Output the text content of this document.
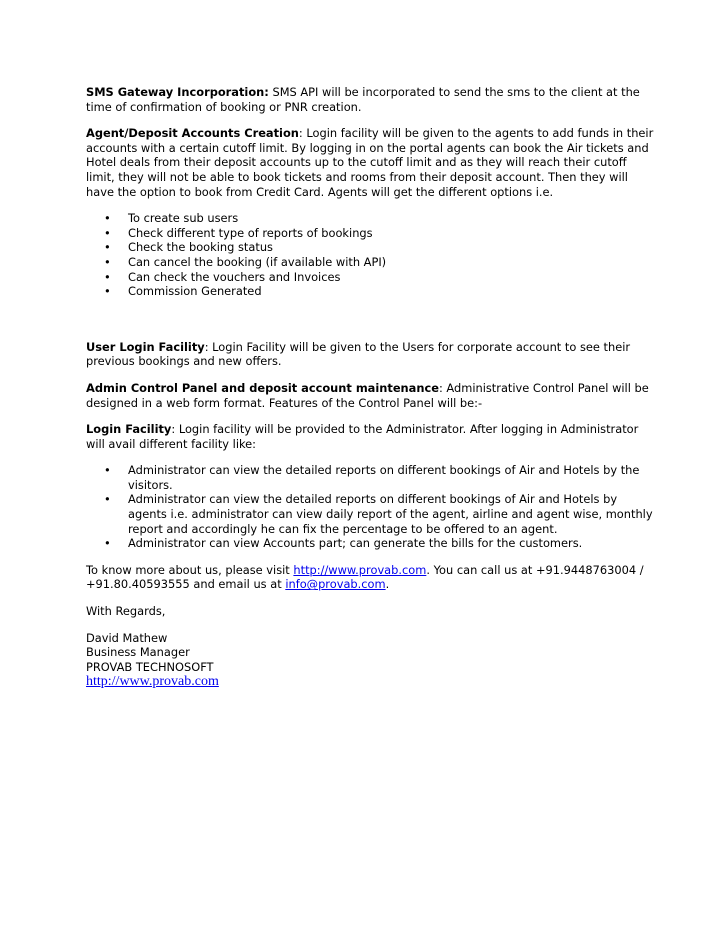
SMS Gateway Incorporation: SMS API will be incorporated to send the sms to the client at the time of confirmation of booking or PNR creation.

Agent/Deposit Accounts Creation: Login facility will be given to the agents to add funds in their accounts with a certain cutoff limit. By logging in on the portal agents can book the Air tickets and Hotel deals from their deposit accounts up to the cutoff limit and as they will reach their cutoff limit, they will not be able to book tickets and rooms from their deposit account. Then they will have the option to book from Credit Card. Agents will get the different options i.e.

• To create sub users
• Check different type of reports of bookings
• Check the booking status
• Can cancel the booking (if available with API)
• Can check the vouchers and Invoices
• Commission Generated

User Login Facility: Login Facility will be given to the Users for corporate account to see their previous bookings and new offers.

Admin Control Panel and deposit account maintenance: Administrative Control Panel will be designed in a web form format. Features of the Control Panel will be:-

Login Facility: Login facility will be provided to the Administrator. After logging in Administrator will avail different facility like:

• Administrator can view the detailed reports on different bookings of Air and Hotels by the visitors.
• Administrator can view the detailed reports on different bookings of Air and Hotels by agents i.e. administrator can view daily report of the agent, airline and agent wise, monthly report and accordingly he can fix the percentage to be offered to an agent.
• Administrator can view Accounts part; can generate the bills for the customers.

To know more about us, please visit http://www.provab.com. You can call us at +91.9448763004 / +91.80.40593555 and email us at info@provab.com.

With Regards,

David Mathew

Business Manager

PROVAB TECHNOSOFT

http://www.provab.com
